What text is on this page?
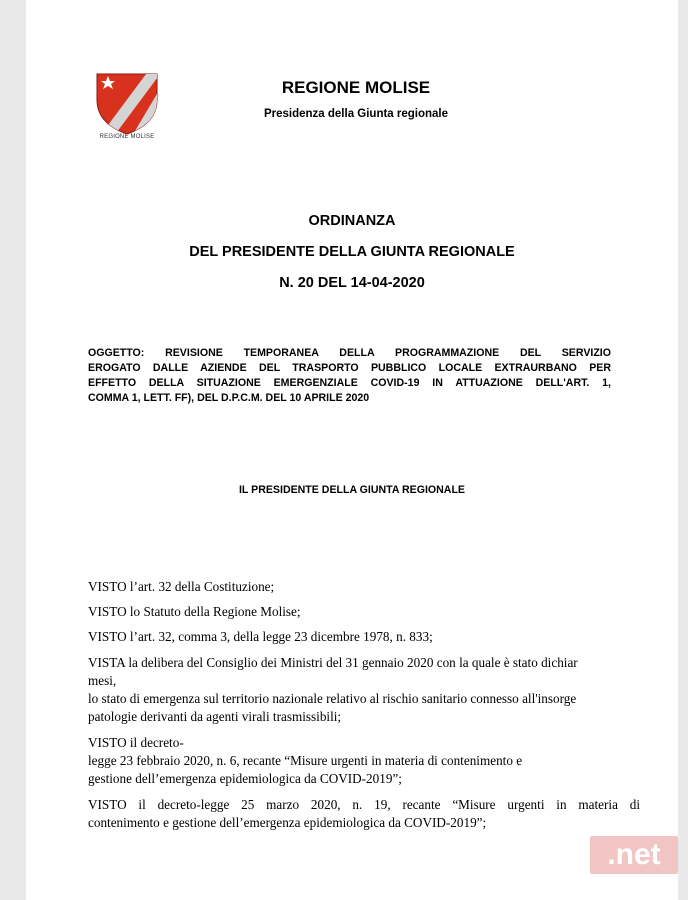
REGIONE MOLISE
REGIONE MOLISE
Presidenza della Giunta regionale
ORDINANZA
DEL PRESIDENTE DELLA GIUNTA REGIONALE
N. 20 DEL 14-04-2020
OGGETTO: REVISIONE TEMPORANEA DELLA PROGRAMMAZIONE DEL SERVIZIO
EROGATO DALLE AZIENDE DEL TRASPORTO PUBBLICO LOCALE EXTRAURBANO PER
EFFETTO DELLA SITUAZIONE EMERGENZIALE COVID-19 IN ATTUAZIONE DELL'ART. 1,
COMMA 1, LETT. FF), DEL D.P.C.M. DEL 10 APRILE 2020
IL PRESIDENTE DELLA GIUNTA REGIONALE
VISTO l’art. 32 della Costituzione;
VISTO lo Statuto della Regione Molise;
VISTO l’art. 32, comma 3, della legge 23 dicembre 1978, n. 833;
VISTA la delibera del Consiglio dei Ministri del 31 gennaio 2020 con la quale è stato dichiar
mesi,
lo stato di emergenza sul territorio nazionale relativo al rischio sanitario connesso all'insorge
patologie derivanti da agenti virali trasmissibili;
VISTO il decreto-
legge 23 febbraio 2020, n. 6, recante “Misure urgenti in materia di contenimento e
gestione dell’emergenza epidemiologica da COVID-2019”;
VISTO il decreto-legge 25 marzo 2020, n. 19, recante “Misure urgenti in materia di
contenimento e gestione dell’emergenza epidemiologica da COVID-2019”;
.net
